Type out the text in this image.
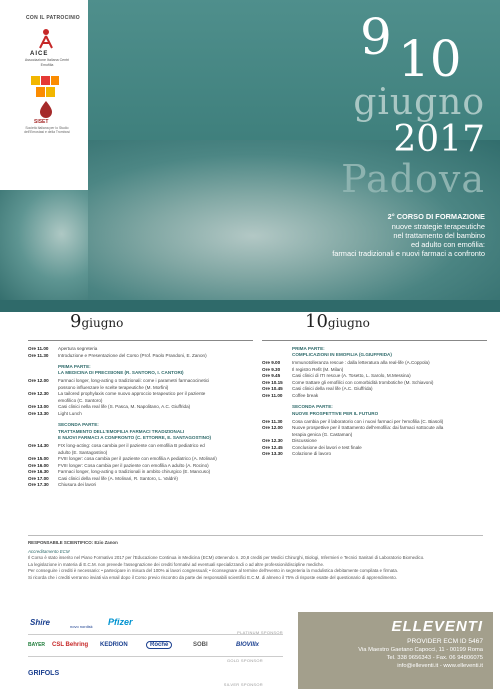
CON IL PATROCINIO
AICE
Associazione Italiana Centri Emofilia
SISET
Società Italiana per lo Studio dell'Emostasi e della Trombosi
9 10
giugno
2017
Padova
2° CORSO DI FORMAZIONE
nuove strategie terapeutiche
nel trattamento del bambino
ed adulto con emofilia:
farmaci tradizionali e nuovi farmaci a confronto
9giugno	10giugno
Ore 11.00	Apertura segreteria
Ore 11.30	Introduzione e Presentazione del Corso (Prof. Paolo Prandoni, E. Zanon)
PRIMA PARTE:
LA MEDICINA DI PRECISIONE (R. SANTORO, I. CANTORI)
Ore 12.00	Farmaci longer, long-acting o tradizionali: come i parametri farmacocinetici
possono influenzare le scelte terapeutiche (M. Morfini)
Ore 12.30	La tailored prophylaxis come nuovo approccio terapeutico per il paziente
emofilico (C. Santoro)
Ore 13.00	Casi clinici nella real life (S. Pasca, M. Napolitano, A.C. Giuffrida)
Ore 13.30	Light Lunch
SECONDA PARTE:
TRATTAMENTO DELL'EMOFILIA FARMACI TRADIZIONALI
E NUOVI FARMACI A CONFRONTO (C. ETTORRE, E. SANTAGOSTINO)
Ore 14.30	FIX long-acting: cosa cambia per il paziente con emofilia B pediatrico ed
adulto (E. Santagostino)
Ore 15.00	FVIII longer: cosa cambia per il paziente con emofilia A pediatrico (A. Molinari)
Ore 16.00	FVIII longer: Cosa cambia per il paziente con emofilia A adulto (A. Rocino)
Ore 16.30	Farmaci longer, long-acting o tradizionali in ambito chirurgico (E. Mancuso)
Ore 17.00	Casi clinici della real life (A. Molinari, R. Santoro, L. Valdrè)
Ore 17.30	Chiusura dei lavori
PRIMA PARTE:
COMPLICAZIONI IN EMOFILIA (G.GIUFFRIDA)
Ore 9.00	Immunotolleranza rescue : dalla letteratura alla real-life (A.Coppola)
Ore 9.30	Il registro Refit (M. Milan)
Ore 9.45	Casi clinici di ITI rescue (A. Tosetto, L. Sarolo, M.Messina)
Ore 10.15	Come trattare gli emofilici con comorbidità trombotiche (M. Schiavoni)
Ore 10.45	Casi clinici della real life (A.C. Giuffrida)
Ore 11.00	Coffee break
SECONDA PARTE:
NUOVE PROSPETTIVE PER IL FUTURO
Ore 11.30	Cosa cambia per il laboratorio con i nuovi farmaci per l'emofilia (C. Biasoli)
Ore 12.00	Nuove prospettive per il trattamento dell'emofilia: dai farmaci sottocute alla
terapia genica (G. Castaman)
Ore 12.30	Discussione
Ore 12.45	Conclusione dei lavori e test finale
Ore 13.30	Colazione di lavoro

RESPONSABILE SCIENTIFICO: Ezio Zanon

Accreditamento ECM

Il Corso è stato inserito nel Piano Formativo 2017 per l'Educazione Continua in Medicina (ECM) ottenendo n. 20,8 crediti per Medici Chirurghi, Biologi, Infermieri e Tecnici Sanitari di Laboratorio Biomedico.

La legislazione in materia di E.C.M. non prevede l'assegnazione dei crediti formativi ad eventuali specializzandi o ad altre professioni/discipline mediche.

Per conseguire i crediti è necessario: • partecipare in misura del 100% ai lavori congressuali; • riconsegnare al termine dell'evento in segreteria la modulistica debitamente compilata e firmata.

Si ricorda che i crediti verranno inviati via email dopo il Corso previo riscontro da parte dei responsabili scientifici E.C.M. di almeno il 75% di risposte esatte del questionario di apprendimento.

Shire	novo nordisk Pfizer
PLATINUM SPONSOR
BAYER CSL Behring KEDRION	Roche	SOBI	BIOVIIIx
GOLD SPONSOR
GRIFOLS
SILVER SPONSOR
ELLEVENTI
PROVIDER ECM ID 5467
Via Maestro Gaetano Capocci, 11 - 00199 Roma
Tel. 338 9656343 - Fax. 06 94806075
info@elleventi.it - www.elleventi.it
